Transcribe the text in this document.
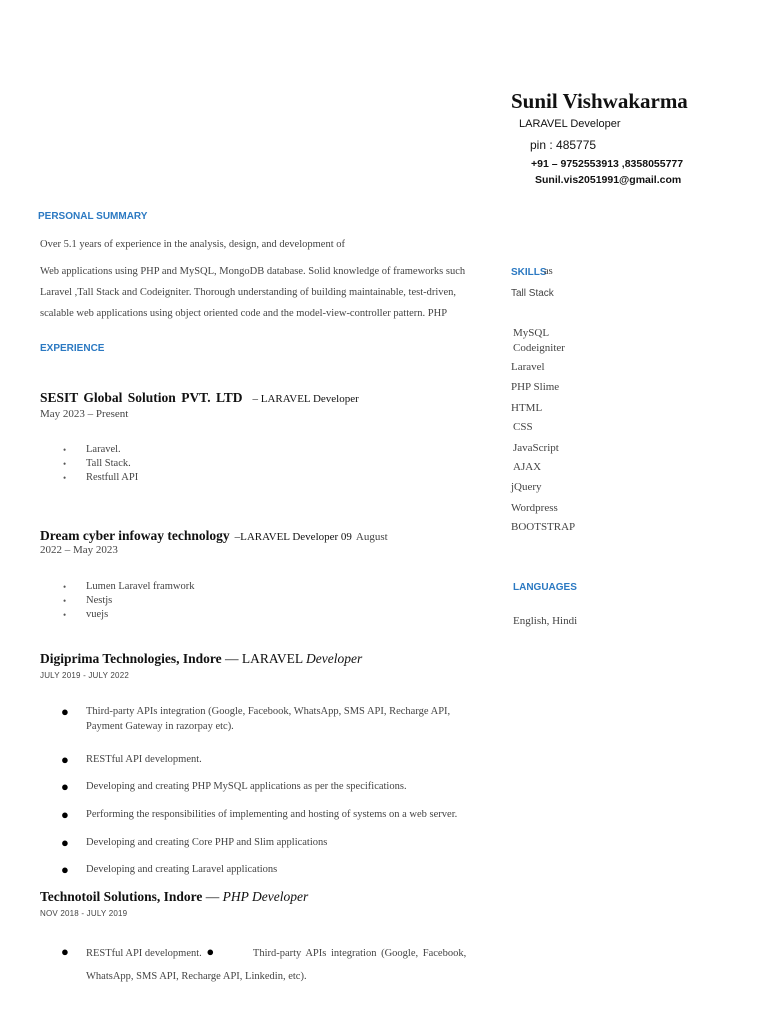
Sunil Vishwakarma
LARAVEL Developer
pin : 485775
+91 – 9752553913 ,8358055777
Sunil.vis2051991@gmail.com
PERSONAL SUMMARY
Over 5.1 years of experience in the analysis, design, and development of
Web applications using PHP and MySQL, MongoDB database. Solid knowledge of frameworks such
Laravel ,Tall Stack and Codeigniter. Thorough understanding of building maintainable, test-driven,
scalable web applications using object oriented code and the model-view-controller pattern. PHP
SKILLS
as
Tall Stack
MySQL
Codeigniter
Laravel
PHP Slime
HTML
CSS
JavaScript
AJAX
jQuery
Wordpress
BOOTSTRAP
LANGUAGES
English, Hindi
EXPERIENCE
SESIT Global Solution PVT. LTD – LARAVEL Developer
May 2023 – Present
• Laravel.
• Tall Stack.
• Restfull API
Dream cyber infoway technology –LARAVEL Developer 09 August
2022 – May 2023
• Lumen Laravel framwork
• Nestjs
• vuejs
Digiprima Technologies, Indore — LARAVEL Developer
JULY 2019 - JULY 2022
●	Third-party APIs integration (Google, Facebook, WhatsApp, SMS API, Recharge API,
Payment Gateway in razorpay etc).
●	RESTful API development.
●	Developing and creating PHP MySQL applications as per the specifications.
●	Performing the responsibilities of implementing and hosting of systems on a web server.
●	Developing and creating Core PHP and Slim applications
●	Developing and creating Laravel applications
Technotoil Solutions, Indore — PHP Developer
NOV 2018 - JULY 2019
●	RESTful API development. ●	Third-party APIs integration (Google, Facebook,
WhatsApp, SMS API, Recharge API, Linkedin, etc).
